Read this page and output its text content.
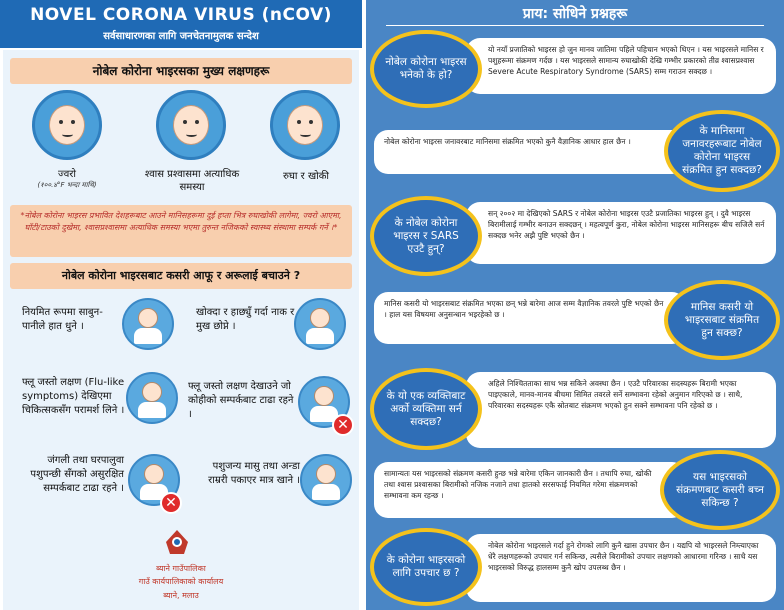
NOVEL CORONA VIRUS (nCOV)
सर्वसाधारणका लागि जनचेतनामुलक सन्देश
नोबेल कोरोना भाइरसका मुख्य लक्षणहरू
ज्वरो
(१००.४°F भन्दा माथि)
श्वास प्रश्वासमा अत्याधिक समस्या
रुघा र खोकी
*नोबेल कोरोना भाइरस प्रभावित देशहरूबाट आउने मानिसहरूमा दुई हप्ता भित्र रुघाखोकी लागेमा, ज्वरो आएमा, घाँटी/टाउको दुखेमा, श्वासप्रश्वासमा अत्याधिक समस्या भएमा तुरुन्त नजिकको स्वास्थ्य संस्थामा सम्पर्क गर्ने ।*
नोबेल कोरोना भाइरसबाट कसरी आफू र अरूलाई बचाउने ?
नियमित रूपमा साबुन-पानीले हात धुने ।
खोक्दा र हाछ्युँ गर्दा नाक र मुख छोप्ने ।
फ्लू जस्तो लक्षण (Flu-like symptoms) देखिएमा चिकित्सकसँग परामर्श लिने ।
फ्लू जस्तो लक्षण देखाउने जो कोहीको सम्पर्कबाट टाढा रहने ।
✕
जंगली तथा घरपालुवा पशुपन्छी सँगको असुरक्षित सम्पर्कबाट टाढा रहने ।
✕
पशुजन्य मासु तथा अन्डा राम्ररी पकाएर मात्र खाने ।
ब्याने गाउँपालिका
गाउँ कार्यपालिकाको कार्यालय
ब्याने, मलाउ
प्राय: सोधिने प्रश्नहरू
नोबेल कोरोना भाइरस भनेको के हो?
यो नयाँ प्रजातिको भाइरस हो जुन मानव जातिमा पहिले पहिचान भएको थिएन । यस भाइरसले मानिस र पशुहरूमा संक्रमण गर्दछ । यस भाइरसले सामान्य रुघाखोकी देखि गम्भीर प्रकारको तीव्र श्वासप्रश्वास Severe Acute Respiratory Syndrome (SARS) सम्म गराउन सक्दछ ।
नोबेल कोरोना भाइरस जनावरबाट मानिसमा संक्रमित भएको कुनै वैज्ञानिक आधार हाल छैन ।
के मानिसमा जनावरहरूबाट नोबेल कोरोना भाइरस संक्रमित हुन सक्दछ?
के नोबेल कोरोना भाइरस र SARS एउटै हुन्?
सन् २००२ मा देखिएको SARS र नोबेल कोरोना भाइरस एउटै प्रजातिका भाइरस हुन् । दुवै भाइरस बिरामीलाई गम्भीर बनाउन सक्दछन् । महत्वपूर्ण कुरा, नोबेल कोरोना भाइरस मानिसहरू बीच सजिलै सर्न सक्दछ भनेर अझै पुष्टि भएको छैन ।
मानिस कसरी यो भाइरसबाट संक्रमित भएका छन् भन्ने बारेमा आज सम्म वैज्ञानिक तवरले पुष्टि भएको छैन । हाल यस विषयमा अनुसन्धान भइरहेको छ ।
मानिस कसरी यो भाइरसबाट संक्रमित हुन सक्छ?
के यो एक व्यक्तिबाट अर्को व्यक्तिमा सर्न सक्दछ?
अहिले निश्चितताका साथ भन्न सकिने अवस्था छैन । एउटै परिवारका सदस्यहरू बिरामी भएका पाइएकाले, मानव-मानव बीचमा सिमित तवरले सर्ने सम्भावना रहेको अनुमान गरिएको छ । साथै, परिवारका सदस्यहरू एकै स्रोतबाट संक्रमण भएको हुन सक्ने सम्भावना पनि रहेको छ ।
सामान्यतः यस भाइरसको संक्रमण कसरी हुन्छ भन्ने बारेमा एकिन जानकारी छैन । तथापि रुघा, खोकी तथा श्वास प्रश्वासका बिरामीको नजिक नजाने तथा हातको सरसफाई नियमित गरेमा संक्रमणको सम्भावना कम रहन्छ ।
यस भाइरसको संक्रमणबाट कसरी बच्न सकिन्छ ?
के कोरोना भाइरसको लागि उपचार छ ?
नोबेल कोरोना भाइरसले गर्दा हुने रोगको लागि कुनै खास उपचार छैन । यद्यपि यो भाइरसले निम्त्याएका धेरै लक्षणहरूको उपचार गर्न सकिन्छ, त्यसैले बिरामीको उपचार लक्षणको आधारमा गरिन्छ । साथै यस भाइरसको विरुद्ध हालसम्म कुनै खोप उपलब्ध छैन ।
